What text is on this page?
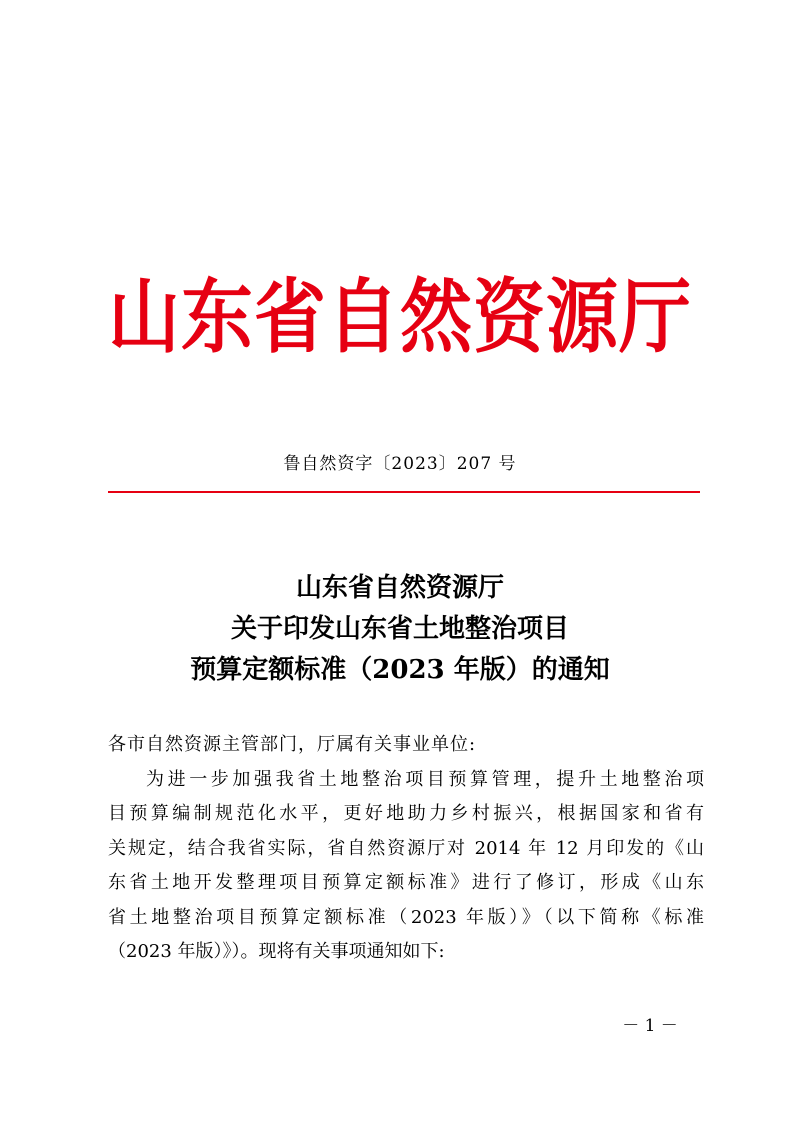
山东省自然资源厅
鲁自然资字〔2023〕207 号
山东省自然资源厅
关于印发山东省土地整治项目
预算定额标准（2023 年版）的通知
各市自然资源主管部门，厅属有关事业单位:
为进一步加强我省土地整治项目预算管理，提升土地整治项
目预算编制规范化水平，更好地助力乡村振兴，根据国家和省有
关规定，结合我省实际，省自然资源厅对 2014 年 12 月印发的《山
东省土地开发整理项目预算定额标准》进行了修订，形成《山东
省土地整治项目预算定额标准（2023 年版）》（以下简称《标准
（2023 年版）》）。现将有关事项通知如下:
－ 1 －
